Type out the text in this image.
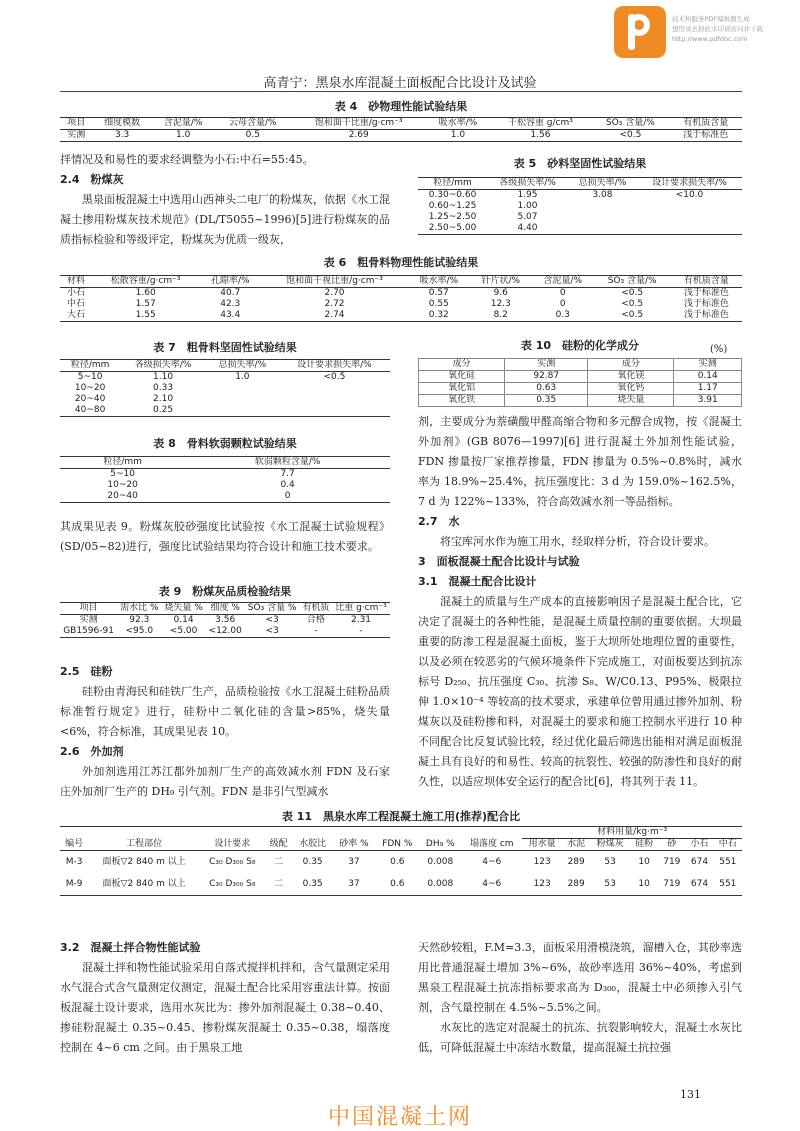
技术和服务PDF编辑器生成
想用该去掉此水印请访问并下载
http://www.pdfdoc.com
高青宁：黑泉水库混凝土面板配合比设计及试验
表 4　砂物理性能试验结果
项目	细度模数	含泥量/%	云母含量/%	饱和面干比重/g·cm⁻³	吸水率/%	干松容重 g/cm³	SO₃ 含量/%	有机质含量
实测	3.3	1.0	0.5	2.69	1.0	1.56	<0.5	浅于标准色

拌情况及和易性的要求经调整为小石:中石=55:45。

2.4　粉煤灰

黑泉面板混凝土中选用山西神头二电厂的粉煤灰，依据《水工混凝土掺用粉煤灰技术规范》(DL/T5055~1996)[5]进行粉煤灰的品质指标检验和等级评定，粉煤灰为优质一级灰，

表 5　砂料坚固性试验结果
粒径/mm	各级损失率/%	总损失率/%	设计要求损失率/%
0.30~0.60	1.95	3.08	<10.0
0.60~1.25	1.00		
1.25~2.50	5.07		
2.50~5.00	4.40		
表 6　粗骨料物理性能试验结果
材料	松散容重/g·cm⁻³	孔隙率/%	饱和面干视比重/g·cm⁻³	吸水率/%	针片状/%	含泥量/%	SO₃ 含量/%	有机质含量
小石	1.60	40.7	2.70	0.57	9.6	0	<0.5	浅于标准色
中石	1.57	42.3	2.72	0.55	12.3	0	<0.5	浅于标准色
大石	1.55	43.4	2.74	0.32	8.2	0.3	<0.5	浅于标准色
表 7　粗骨料坚固性试验结果
粒径/mm	各级损失率/%	总损失率/%	设计要求损失率/%
5~10	1.10	1.0	<0.5
10~20	0.33		
20~40	2.10		
40~80	0.25		
表 8　骨料软弱颗粒试验结果
粒径/mm	软弱颗粒含量/%
5~10	7.7
10~20	0.4
20~40	0

其成果见表 9。粉煤灰胶砂强度比试验按《水工混凝土试验规程》(SD/05~82)进行，强度比试验结果均符合设计和施工技术要求。

表 9　粉煤灰品质检验结果
项目	需水比 %	烧失量 %	细度 %	SO₃ 含量 %	有机质	比重 g·cm⁻³
实测	92.3	0.14	3.56	<3	合格	2.31
GB1596-91	<95.0	<5.00	<12.00	<3	-	-
2.5　硅粉

硅粉由青海民和硅铁厂生产，品质检验按《水工混凝土硅粉品质标准暂行规定》进行，硅粉中二氧化硅的含量>85%，烧失量<6%，符合标准，其成果见表 10。

2.6　外加剂

外加剂选用江苏江都外加剂厂生产的高效减水剂 FDN 及石家庄外加剂厂生产的 DH₉ 引气剂。FDN 是非引气型减水

表 10　硅粉的化学成分	(%)
成分	实测	成分	实测
氧化硅	92.87	氧化镁	0.14
氧化铝	0.63	氧化钙	1.17
氧化铁	0.35	烧失量	3.91

剂，主要成分为萘磺酸甲醛高缩合物和多元醇合成物，按《混凝土外加剂》(GB 8076—1997)[6] 进行混凝土外加剂性能试验，FDN 掺量按厂家推荐掺量，FDN 掺量为 0.5%~0.8%时，减水率为 18.9%~25.4%，抗压强度比：3 d 为 159.0%~162.5%，7 d 为 122%~133%，符合高效减水剂一等品指标。

2.7　水

将宝库河水作为施工用水，经取样分析，符合设计要求。

3　面板混凝土配合比设计与试验
3.1　混凝土配合比设计

混凝土的质量与生产成本的直接影响因子是混凝土配合比，它决定了混凝土的各种性能，是混凝土质量控制的重要依据。大坝最重要的防渗工程是混凝土面板，鉴于大坝所处地理位置的重要性，以及必须在较恶劣的气候环境条件下完成施工，对面板要达到抗冻标号 D₂₅₀、抗压强度 C₃₀、抗渗 S₈、W/C0.13、P95%、极限拉伸 1.0×10⁻⁴ 等较高的技术要求，承建单位曾用通过掺外加剂、粉煤灰以及硅粉掺和料，对混凝土的要求和施工控制水平进行 10 种不同配合比反复试验比较，经过优化最后筛选出能相对满足面板混凝土具有良好的和易性、较高的抗裂性、较强的防渗性和良好的耐久性，以适应坝体安全运行的配合比[6]，将其列于表 11。

表 11　黑泉水库工程混凝土施工用(推荐)配合比
									材料用量/kg·m⁻³						
编号	工程部位	设计要求	级配	水胶比	砂率 %	FDN %	DH₉ %	塌落度 cm	用水量	水泥	粉煤灰	硅粉	砂	小石	中石
M-3	面板▽2 840 m 以上	C₃₀ D₃₀₀ S₈	二	0.35	37	0.6	0.008	4~6	123	289	53	10	719	674	551
M-9	面板▽2 840 m 以上	C₃₀ D₃₀₀ S₈	二	0.35	37	0.6	0.008	4~6	123	289	53	10	719	674	551
3.2　混凝土拌合物性能试验

混凝土拌和物性能试验采用自落式搅拌机拌和，含气量测定采用水气混合式含气量测定仪测定，混凝土配合比采用容重法计算。按面板混凝土设计要求，选用水灰比为：掺外加剂混凝土 0.38~0.40、掺硅粉混凝土 0.35~0.45、掺粉煤灰混凝土 0.35~0.38，塌落度控制在 4~6 cm 之间。由于黑泉工地

天然砂较粗，F.M=3.3，面板采用滑模浇筑，溜槽入仓，其砂率选用比普通混凝土增加 3%~6%，故砂率选用 36%~40%，考虑到黑泉工程混凝土抗冻指标要求高为 D₃₀₀，混凝土中必须掺入引气剂，含气量控制在 4.5%~5.5%之间。

水灰比的选定对混凝土的抗冻、抗裂影响较大，混凝土水灰比低，可降低混凝土中冻结水数量，提高混凝土抗拉强

131
中国混凝土网
